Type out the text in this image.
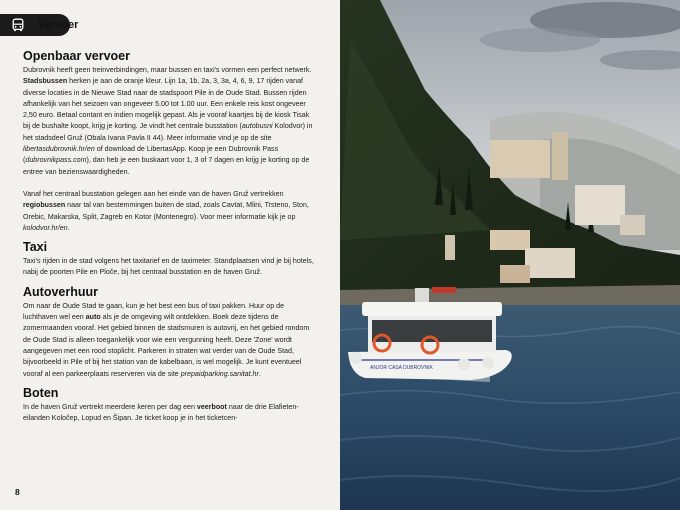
Vervoer
Openbaar vervoer

Dubrovnik heeft geen treinverbindingen, maar bussen en taxi's vormen een perfect netwerk. Stadsbussen herken je aan de oranje kleur. Lijn 1a, 1b, 2a, 3, 3a, 4, 6, 9, 17 rijden vanaf diverse locaties in de Nieuwe Stad naar de stadspoort Pile in de Oude Stad. Bussen rijden afhankelijk van het seizoen van ongeveer 5.00 tot 1.00 uur. Een enkele reis kost ongeveer 2,50 euro. Betaal contant en indien mogelijk gepast. Als je vooraf kaartjes bij de kiosk Tisak bij de bushalte koopt, krijg je korting. Je vindt het centrale busstation (autobusni Kolodvor) in het stadsdeel Gruž (Obala Ivana Pavla II 44). Meer informatie vind je op de site libertasdubrovnik.hr/en of download de LibertasApp. Koop je een Dubrovnik Pass (dubrovnikpass.com), dan heb je een buskaart voor 1, 3 of 7 dagen en krijg je korting op de entree van bezienswaardigheden.

Vanaf het centraal busstation gelegen aan het einde van de haven Gruž vertrekken regiobussen naar tal van bestemmingen buiten de stad, zoals Cavtat, Mlini, Trsteno, Ston, Orebic, Makarska, Split, Zagreb en Kotor (Montenegro). Voor meer informatie kijk je op kolodvor.hr/en.

Taxi

Taxi's rijden in de stad volgens het taxitarief en de taximeter. Standplaatsen vind je bij hotels, nabij de poorten Pile en Ploče, bij het centraal busstation en de haven Gruž.

Autoverhuur

Om naar de Oude Stad te gaan, kun je het best een bus of taxi pakken. Huur op de luchthaven wel een auto als je de omgeving wilt ontdekken. Boek deze tijdens de zomermaanden vooraf. Het gebied binnen de stadsmuren is autovrij, en het gebied rondom de Oude Stad is alleen toegankelijk voor wie een vergunning heeft. Deze 'Zone' wordt aangegeven met een rood stoplicht. Parkeren in straten wat verder van de Oude Stad, bijvoorbeeld in Pile of bij het station van de kabelbaan, is wel mogelijk. Je kunt eventueel vooraf al een parkeerplaats reserveren via de site prepaidparking.sanitat.hr.

Boten

In de haven Gruž vertrekt meerdere keren per dag een veerboot naar de drie Elafieten-eilanden Koločep, Lopud en Šipan. Je ticket koop je in het ticketcen-

8
ANJOR CASA DUBROVNIK
